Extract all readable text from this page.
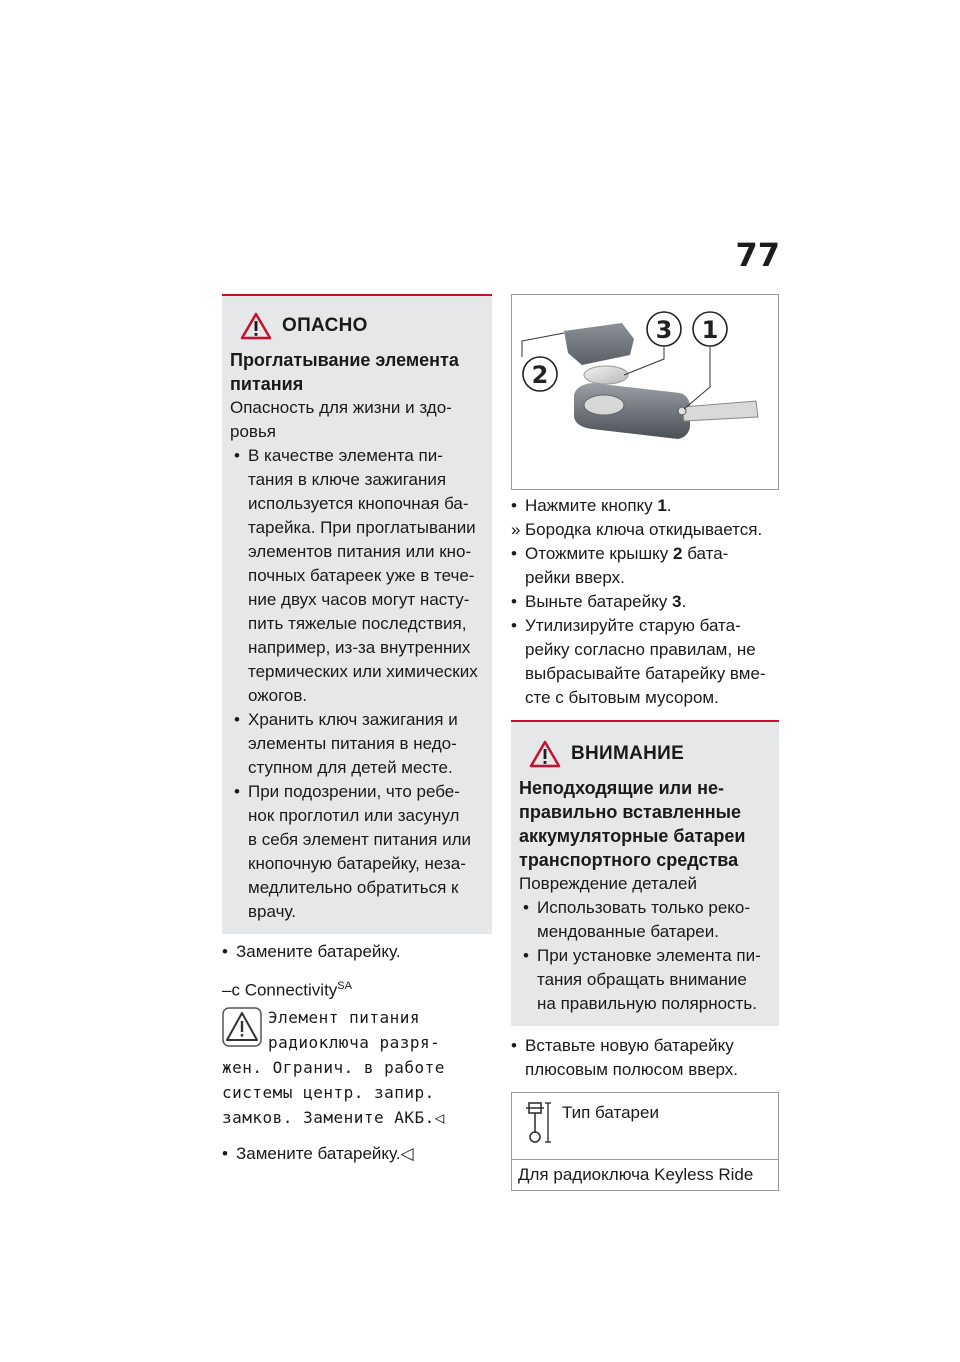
77
ОПАСНО
Проглатывание элемента
питания
Опасность для жизни и здо-
ровья
• В качестве элемента пи-
тания в ключе зажигания
используется кнопочная ба-
тарейка. При проглатывании
элементов питания или кно-
почных батареек уже в тече-
ние двух часов могут насту-
пить тяжелые последствия,
например, из-за внутренних
термических или химических
ожогов.
• Хранить ключ зажигания и
элементы питания в недо-
ступном для детей месте.
• При подозрении, что ребе-
нок проглотил или засунул
в себя элемент питания или
кнопочную батарейку, неза-
медлительно обратиться к
врачу.
• Замените батарейку.
–с Connectivity$^{SA}$
Элемент питания
радиоключа разря-
жен. Огранич. в работе
системы центр. запир.
замков. Замените АКБ.◁
• Замените батарейку.◁
3 1
2
• Нажмите кнопку 1.
» Бородка ключа откидывается.
• Отожмите крышку 2 бата-
рейки вверх.
• Выньте батарейку 3.
• Утилизируйте старую бата-
рейку согласно правилам, не
выбрасывайте батарейку вме-
сте с бытовым мусором.
ВНИМАНИЕ
Неподходящие или не-
правильно вставленные
аккумуляторные батареи
транспортного средства
Повреждение деталей
• Использовать только реко-
мендованные батареи.
• При установке элемента пи-
тания обращать внимание
на правильную полярность.
• Вставьте новую батарейку
плюсовым полюсом вверх.
Тип батареи
Для радиоключа Keyless Ride
